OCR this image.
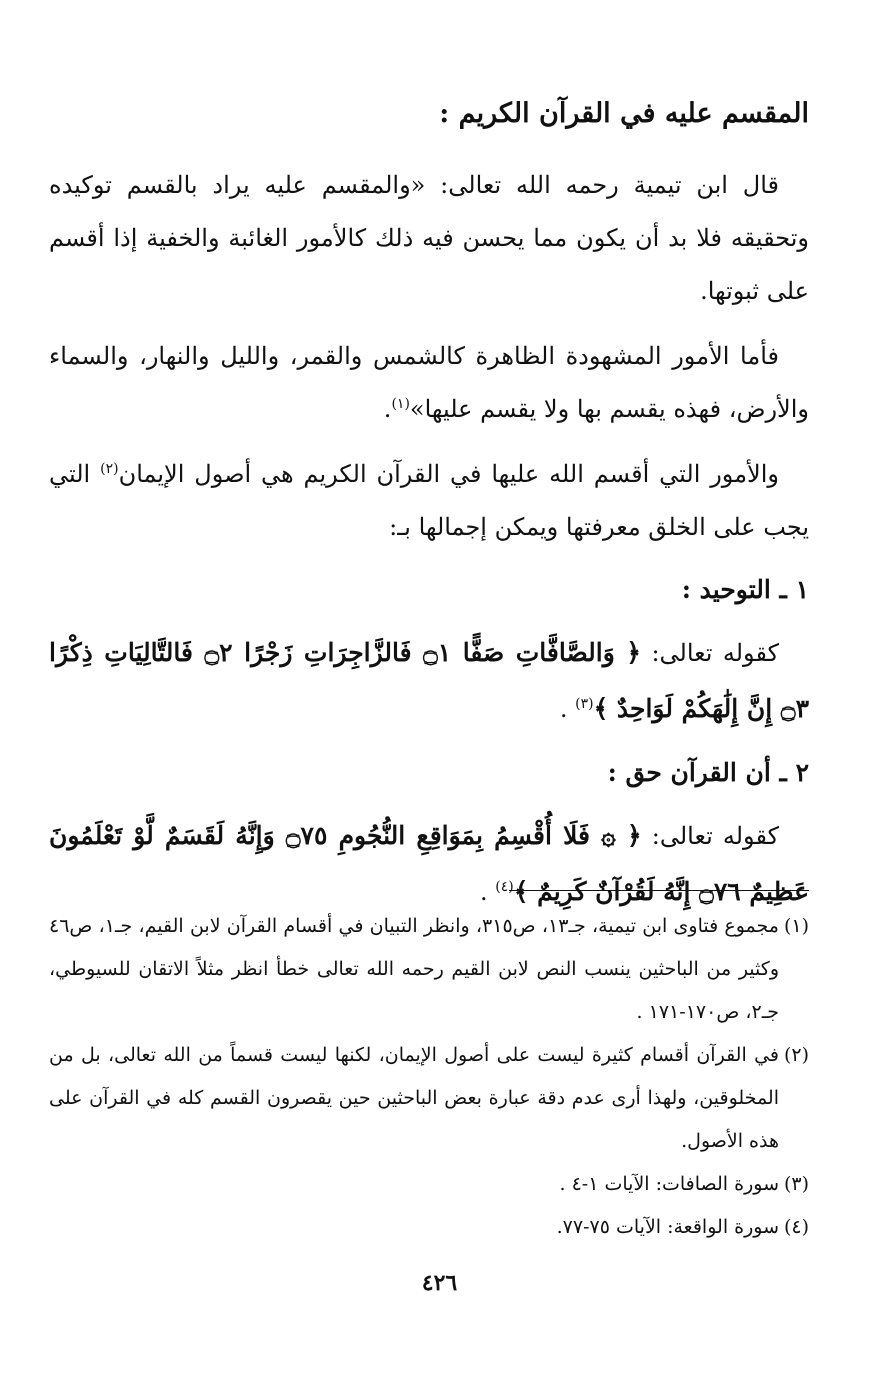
المقسم عليه في القرآن الكريم :

قال ابن تيمية رحمه الله تعالى: «والمقسم عليه يراد بالقسم توكيده وتحقيقه فلا بد أن يكون مما يحسن فيه ذلك كالأمور الغائبة والخفية إذا أقسم على ثبوتها.

فأما الأمور المشهودة الظاهرة كالشمس والقمر، والليل والنهار، والسماء والأرض، فهذه يقسم بها ولا يقسم عليها»$^{(١)}$.

والأمور التي أقسم الله عليها في القرآن الكريم هي أصول الإيمان$^{(٢)}$ التي يجب على الخلق معرفتها ويمكن إجمالها بـ:

١ ـ التوحيد :

كقوله تعالى: ﴿ وَالصَّافَّاتِ صَفًّا ۝١ فَالزَّاجِرَاتِ زَجْرًا ۝٢ فَالتَّالِيَاتِ ذِكْرًا ۝٣ إِنَّ إِلَٰهَكُمْ لَوَاحِدٌ ﴾$^{(٣)}$ .

٢ ـ أن القرآن حق :

كقوله تعالى: ﴿ ۞ فَلَا أُقْسِمُ بِمَوَاقِعِ النُّجُومِ ۝٧٥ وَإِنَّهُ لَقَسَمٌ لَّوْ تَعْلَمُونَ عَظِيمٌ ۝٧٦ إِنَّهُ لَقُرْآنٌ كَرِيمٌ ﴾$^{(٤)}$ .

(١)
مجموع فتاوى ابن تيمية، جـ١٣، ص٣١٥، وانظر التبيان في أقسام القرآن لابن القيم، جـ١، ص٤٦ وكثير من الباحثين ينسب النص لابن القيم رحمه الله تعالى خطأ انظر مثلاً الاتقان للسيوطي، جـ٢، ص١٧٠-١٧١ .

(٢)
في القرآن أقسام كثيرة ليست على أصول الإيمان، لكنها ليست قسماً من الله تعالى، بل من المخلوقين، ولهذا أرى عدم دقة عبارة بعض الباحثين حين يقصرون القسم كله في القرآن على هذه الأصول.

(٣)
سورة الصافات: الآيات ١-٤ .

(٤)
سورة الواقعة: الآيات ٧٥-٧٧.

٤٢٦
